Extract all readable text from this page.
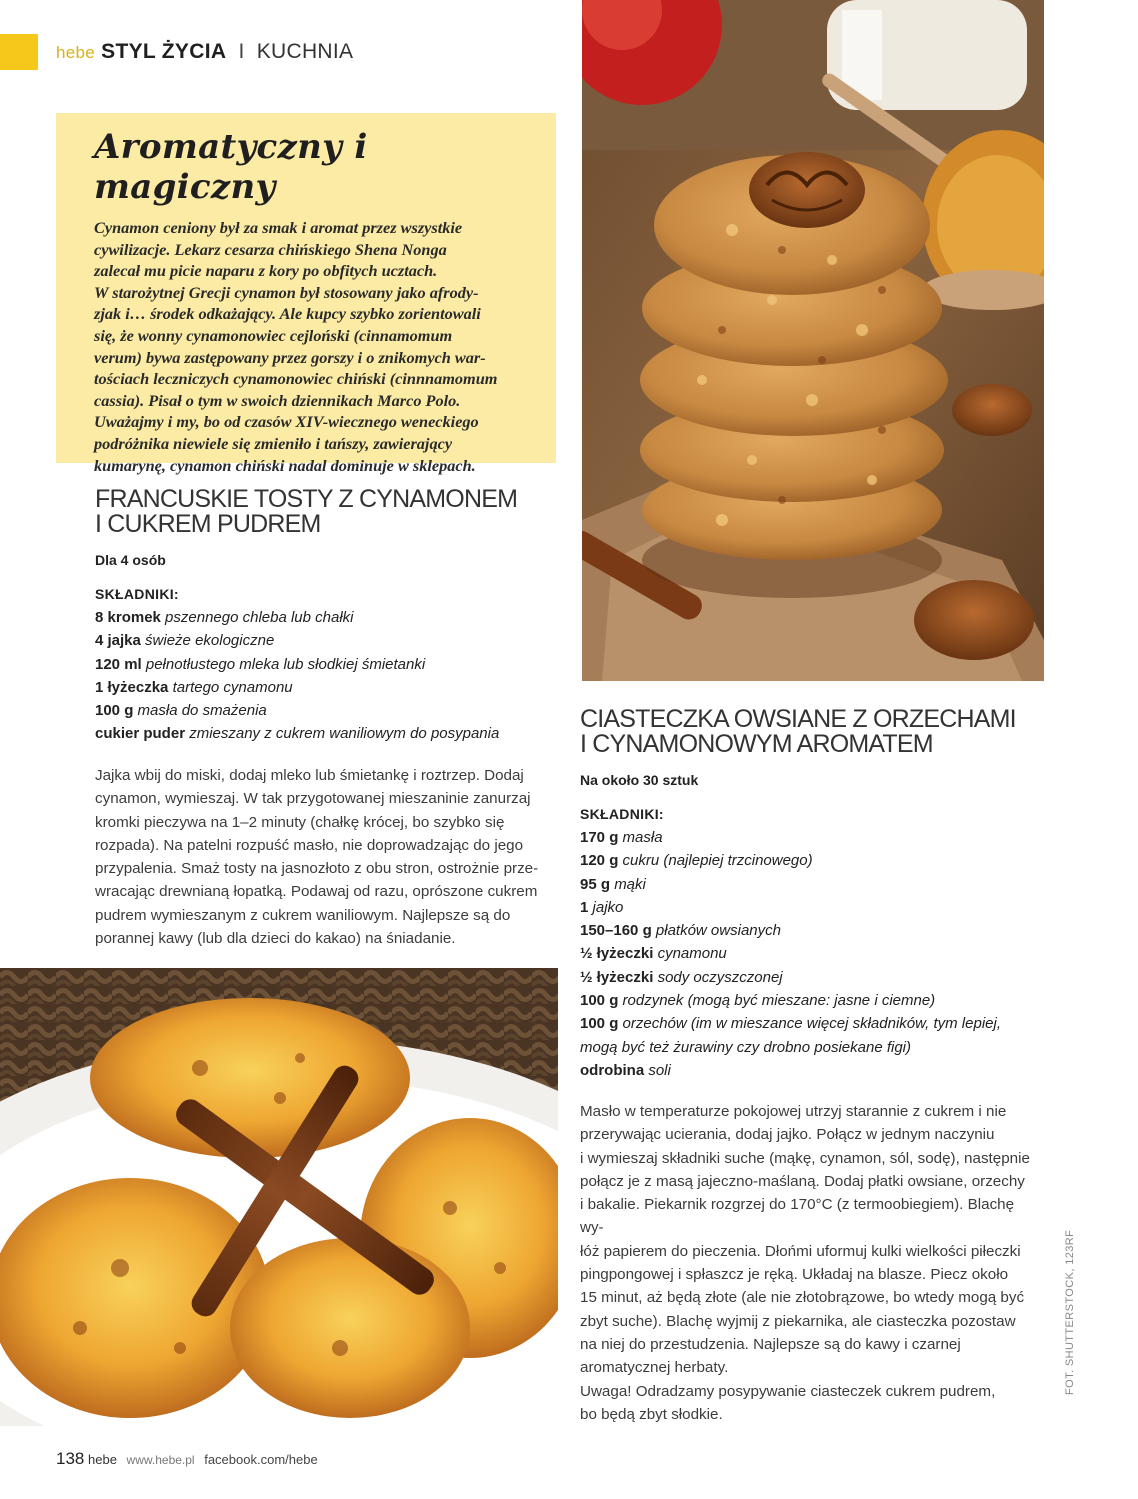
hebe STYL ŻYCIA I KUCHNIA
Aromatyczny i magiczny

Cynamon ceniony był za smak i aromat przez wszystkie
cywilizacje. Lekarz cesarza chińskiego Shena Nonga
zalecał mu picie naparu z kory po obfitych ucztach.
W starożytnej Grecji cynamon był stosowany jako afrody-
zjak i… środek odkażający. Ale kupcy szybko zorientowali
się, że wonny cynamonowiec cejloński (cinnamomum
verum) bywa zastępowany przez gorszy i o znikomych war-
tościach leczniczych cynamonowiec chiński (cinnnamomum
cassia). Pisał o tym w swoich dziennikach Marco Polo.
Uważajmy i my, bo od czasów XIV-wiecznego weneckiego
podróżnika niewiele się zmieniło i tańszy, zawierający
kumarynę, cynamon chiński nadal dominuje w sklepach.

FRANCUSKIE TOSTY Z CYNAMONEM
I CUKREM PUDREM

Dla 4 osób

SKŁADNIKI:

8 kromek pszennego chleba lub chałki
4 jajka świeże ekologiczne
120 ml pełnotłustego mleka lub słodkiej śmietanki
1 łyżeczka tartego cynamonu
100 g masła do smażenia
cukier puder zmieszany z cukrem waniliowym do posypania

Jajka wbij do miski, dodaj mleko lub śmietankę i roztrzep. Dodaj
cynamon, wymieszaj. W tak przygotowanej mieszaninie zanurzaj
kromki pieczywa na 1–2 minuty (chałkę krócej, bo szybko się
rozpada). Na patelni rozpuść masło, nie doprowadzając do jego
przypalenia. Smaż tosty na jasnozłoto z obu stron, ostrożnie prze-
wracając drewnianą łopatką. Podawaj od razu, oprószone cukrem
pudrem wymieszanym z cukrem waniliowym. Najlepsze są do
porannej kawy (lub dla dzieci do kakao) na śniadanie.

CIASTECZKA OWSIANE Z ORZECHAMI
I CYNAMONOWYM AROMATEM

Na około 30 sztuk

SKŁADNIKI:

170 g masła
120 g cukru (najlepiej trzcinowego)
95 g mąki
1 jajko
150–160 g płatków owsianych
½ łyżeczki cynamonu
½ łyżeczki sody oczyszczonej
100 g rodzynek (mogą być mieszane: jasne i ciemne)
100 g orzechów (im w mieszance więcej składników, tym lepiej, mogą być też żurawiny czy drobno posiekane figi)
odrobina soli

Masło w temperaturze pokojowej utrzyj starannie z cukrem i nie
przerywając ucierania, dodaj jajko. Połącz w jednym naczyniu
i wymieszaj składniki suche (mąkę, cynamon, sól, sodę), następnie
połącz je z masą jajeczno-maślaną. Dodaj płatki owsiane, orzechy
i bakalie. Piekarnik rozgrzej do 170°C (z termoobiegiem). Blachę wy-
łóż papierem do pieczenia. Dłońmi uformuj kulki wielkości piłeczki
pingpongowej i spłaszcz je ręką. Układaj na blasze. Piecz około
15 minut, aż będą złote (ale nie złotobrązowe, bo wtedy mogą być
zbyt suche). Blachę wyjmij z piekarnika, ale ciasteczka pozostaw
na niej do przestudzenia. Najlepsze są do kawy i czarnej
aromatycznej herbaty.
Uwaga! Odradzamy posypywanie ciasteczek cukrem pudrem,
bo będą zbyt słodkie.

FOT. SHUTTERSTOCK, 123RF
138 hebe www.hebe.pl facebook.com/hebe
